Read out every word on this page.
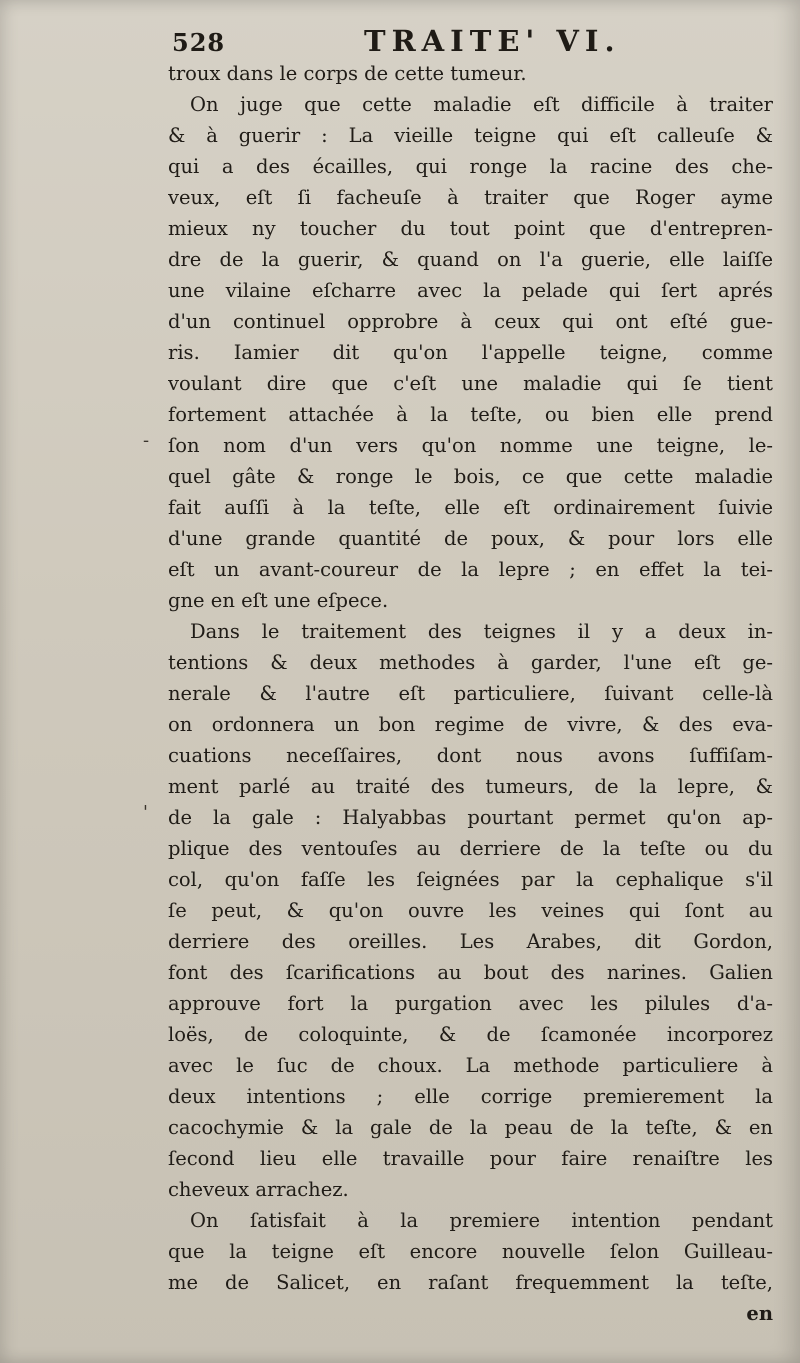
528	TRAITE' VI.
troux dans le corps de cette tumeur.
On juge que cette maladie eſt difficile à traiter
& à guerir : La vieille teigne qui eſt calleuſe &
qui a des écailles, qui ronge la racine des che-
veux, eſt ſi facheuſe à traiter que Roger ayme
mieux ny toucher du tout point que d'entrepren-
dre de la guerir, & quand on l'a guerie, elle laiſſe
une vilaine eſcharre avec la pelade qui ſert aprés
d'un continuel opprobre à ceux qui ont eſté gue-
ris. Iamier dit qu'on l'appelle teigne, comme
voulant dire que c'eſt une maladie qui ſe tient
fortement attachée à la teſte, ou bien elle prend
ſon nom d'un vers qu'on nomme une teigne, le-
quel gâte & ronge le bois, ce que cette maladie
fait auſſi à la teſte, elle eſt ordinairement ſuivie
d'une grande quantité de poux, & pour lors elle
eſt un avant-coureur de la lepre ; en effet la tei-
gne en eſt une eſpece.
Dans le traitement des teignes il y a deux in-
tentions & deux methodes à garder, l'une eſt ge-
nerale & l'autre eſt particuliere, ſuivant celle-là
on ordonnera un bon regime de vivre, & des eva-
cuations neceſſaires, dont nous avons ſuffiſam-
ment parlé au traité des tumeurs, de la lepre, &
de la gale : Halyabbas pourtant permet qu'on ap-
plique des ventouſes au derriere de la teſte ou du
col, qu'on faſſe les ſeignées par la cephalique s'il
ſe peut, & qu'on ouvre les veines qui ſont au
derriere des oreilles. Les Arabes, dit Gordon,
font des ſcarifications au bout des narines. Galien
approuve fort la purgation avec les pilules d'a-
loës, de coloquinte, & de ſcamonée incorporez
avec le ſuc de choux. La methode particuliere à
deux intentions ; elle corrige premierement la
cacochymie & la gale de la peau de la teſte, & en
ſecond lieu elle travaille pour faire renaiſtre les
cheveux arrachez.
On ſatisfait à la premiere intention pendant
que la teigne eſt encore nouvelle ſelon Guilleau-
me de Salicet, en raſant frequemment la teſte,
en
-
'
